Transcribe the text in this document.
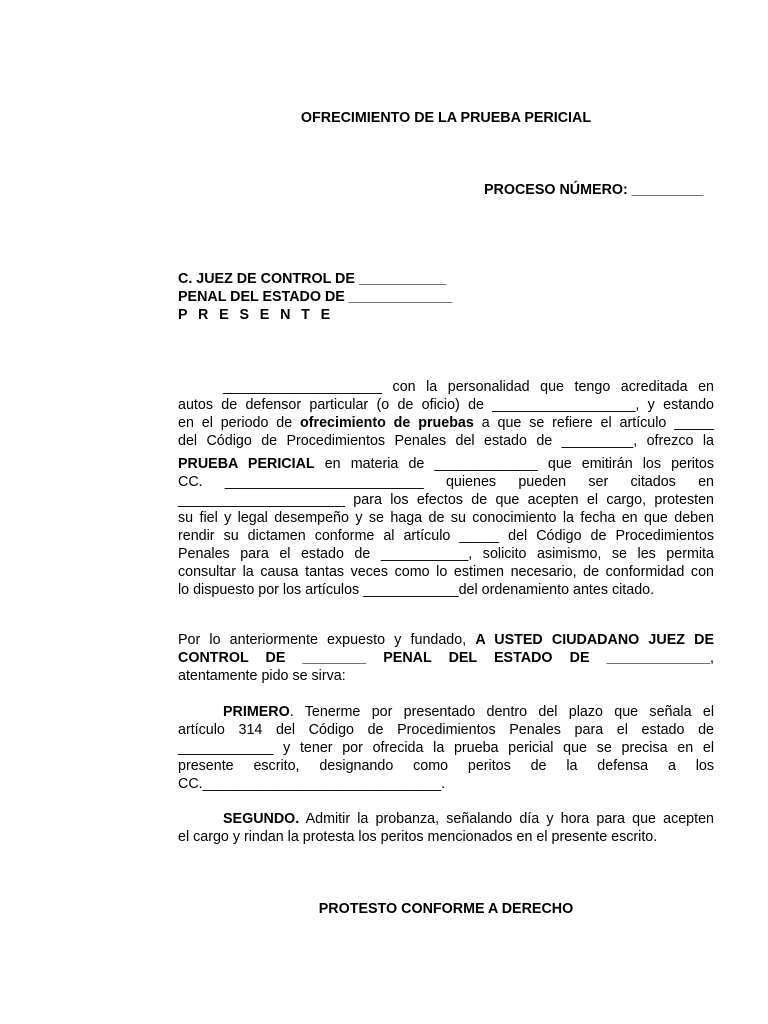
OFRECIMIENTO DE LA PRUEBA PERICIAL
PROCESO NÚMERO: _________
C. JUEZ DE CONTROL DE ___________
PENAL DEL ESTADO DE _____________
P R E S E N T E
____________________ con la personalidad que tengo acreditada en
autos de defensor particular (o de oficio) de __________________, y estando
en el periodo de ofrecimiento de pruebas a que se refiere el artículo _____
del Código de Procedimientos Penales del estado de _________, ofrezco la
PRUEBA PERICIAL en materia de _____________ que emitirán los peritos
CC. _________________________ quienes pueden ser citados en
_____________________ para los efectos de que acepten el cargo, protesten
su fiel y legal desempeño y se haga de su conocimiento la fecha en que deben
rendir su dictamen conforme al artículo _____ del Código de Procedimientos
Penales para el estado de ___________, solicito asimismo, se les permita
consultar la causa tantas veces como lo estimen necesario, de conformidad con
lo dispuesto por los artículos ____________del ordenamiento antes citado.
Por lo anteriormente expuesto y fundado, A USTED CIUDADANO JUEZ DE
CONTROL DE ________ PENAL DEL ESTADO DE _____________,
atentamente pido se sirva:
PRIMERO. Tenerme por presentado dentro del plazo que señala el
artículo 314 del Código de Procedimientos Penales para el estado de
____________ y tener por ofrecida la prueba pericial que se precisa en el
presente escrito, designando como peritos de la defensa a los
CC.______________________________.
SEGUNDO. Admitir la probanza, señalando día y hora para que acepten
el cargo y rindan la protesta los peritos mencionados en el presente escrito.
PROTESTO CONFORME A DERECHO
